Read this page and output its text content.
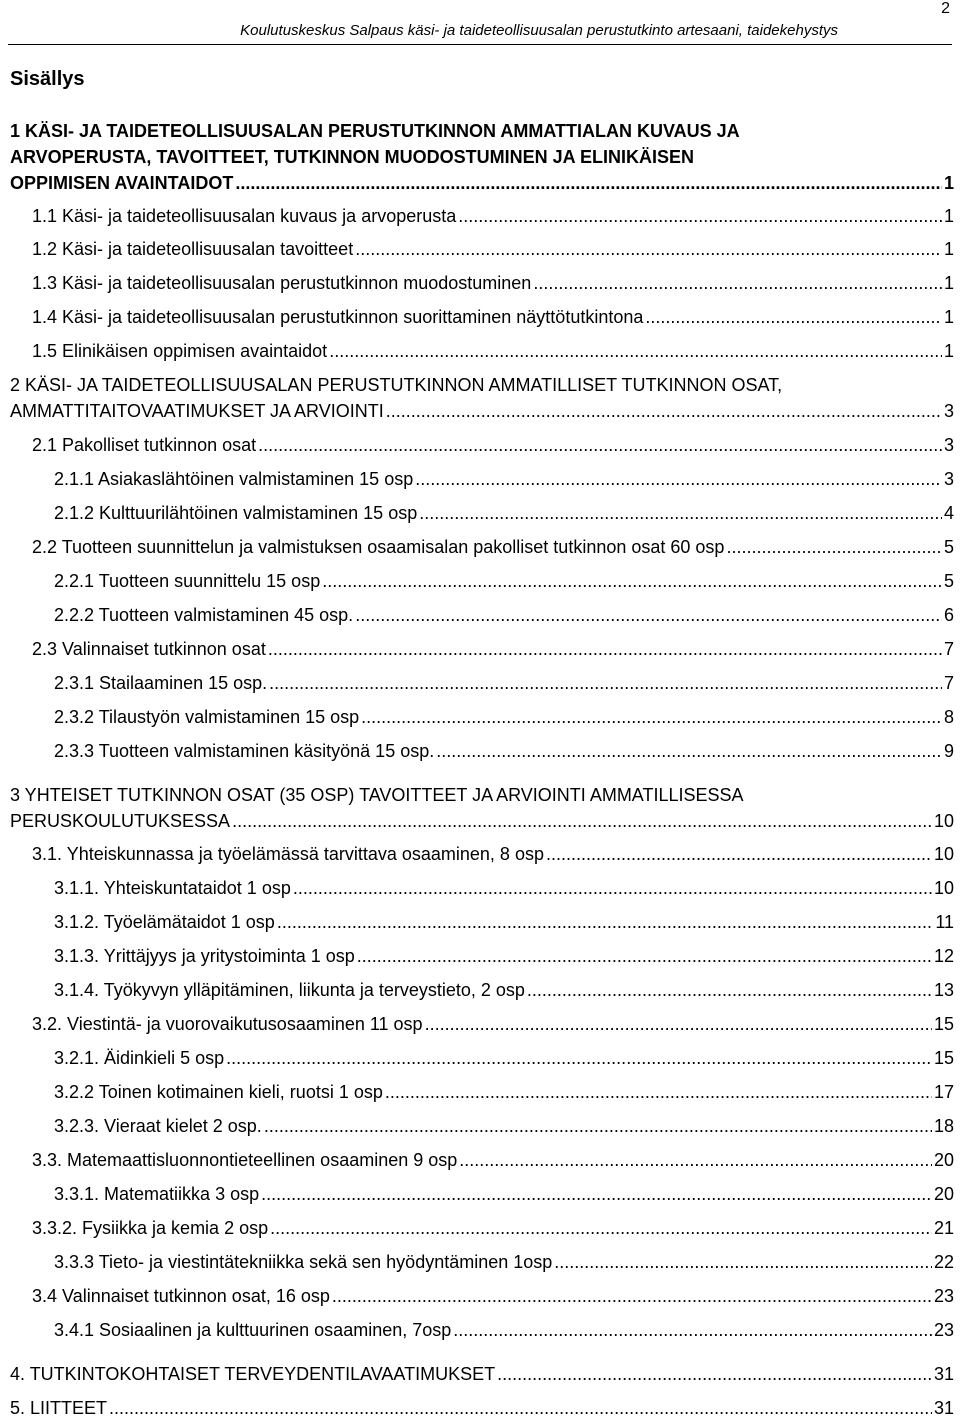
Koulutuskeskus Salpaus käsi- ja taideteollisuusalan perustutkinto artesaani, taidekehystys
2
Sisällys
1 KÄSI- JA TAIDETEOLLISUUSALAN PERUSTUTKINNON AMMATTIALAN KUVAUS JA
ARVOPERUSTA, TAVOITTEET, TUTKINNON MUODOSTUMINEN JA ELINIKÄISEN
OPPIMISEN AVAINTAIDOT .....	1
1.1 Käsi- ja taideteollisuusalan kuvaus ja arvoperusta .....	1
1.2 Käsi- ja taideteollisuusalan tavoitteet .....	1
1.3 Käsi- ja taideteollisuusalan perustutkinnon muodostuminen .....	1
1.4 Käsi- ja taideteollisuusalan perustutkinnon suorittaminen näyttötutkintona .....	1
1.5 Elinikäisen oppimisen avaintaidot .....	1
2 KÄSI- JA TAIDETEOLLISUUSALAN PERUSTUTKINNON AMMATILLISET TUTKINNON OSAT,
AMMATTITAITOVAATIMUKSET JA ARVIOINTI .....	3
2.1 Pakolliset tutkinnon osat .....	3
2.1.1 Asiakaslähtöinen valmistaminen 15 osp .....	3
2.1.2 Kulttuurilähtöinen valmistaminen 15 osp .....	4
2.2 Tuotteen suunnittelun ja valmistuksen osaamisalan pakolliset tutkinnon osat 60 osp .....	5
2.2.1 Tuotteen suunnittelu 15 osp .....	5
2.2.2 Tuotteen valmistaminen 45 osp. .....	6
2.3 Valinnaiset tutkinnon osat .....	7
2.3.1 Stailaaminen 15 osp. .....	7
2.3.2 Tilaustyön valmistaminen 15 osp .....	8
2.3.3 Tuotteen valmistaminen käsityönä 15 osp. .....	9
3 YHTEISET TUTKINNON OSAT (35 OSP) TAVOITTEET JA ARVIOINTI AMMATILLISESSA
PERUSKOULUTUKSESSA .....	10
3.1. Yhteiskunnassa ja työelämässä tarvittava osaaminen, 8 osp .....	10
3.1.1. Yhteiskuntataidot 1 osp .....	10
3.1.2. Työelämätaidot 1 osp .....	11
3.1.3. Yrittäjyys ja yritystoiminta 1 osp .....	12
3.1.4. Työkyvyn ylläpitäminen, liikunta ja terveystieto, 2 osp .....	13
3.2. Viestintä- ja vuorovaikutusosaaminen 11 osp .....	15
3.2.1. Äidinkieli 5 osp .....	15
3.2.2 Toinen kotimainen kieli, ruotsi 1 osp .....	17
3.2.3. Vieraat kielet 2 osp. .....	18
3.3. Matemaattisluonnontieteellinen osaaminen 9 osp .....	20
3.3.1. Matematiikka 3 osp .....	20
3.3.2. Fysiikka ja kemia 2 osp .....	21
3.3.3 Tieto- ja viestintätekniikka sekä sen hyödyntäminen 1osp .....	22
3.4 Valinnaiset tutkinnon osat, 16 osp .....	23
3.4.1 Sosiaalinen ja kulttuurinen osaaminen, 7osp .....	23
4. TUTKINTOKOHTAISET TERVEYDENTILAVAATIMUKSET .....	31
5. LIITTEET .....	31
